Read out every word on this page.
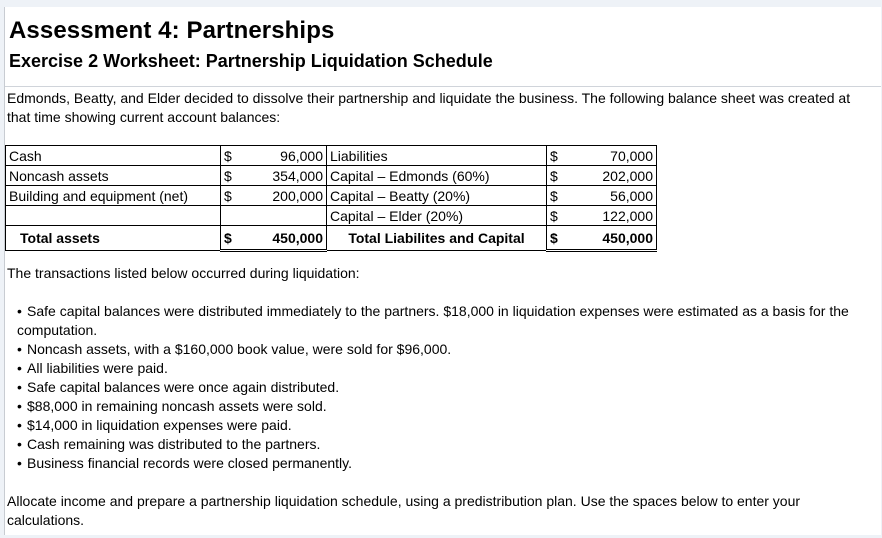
Assessment 4: Partnerships
Exercise 2 Worksheet: Partnership Liquidation Schedule

Edmonds, Beatty, and Elder decided to dissolve their partnership and liquidate the business. The following balance sheet was created at that time showing current account balances:

Cash	$	96,000	Liabilities	$	70,000
Noncash assets	$	354,000	Capital – Edmonds (60%)	$	202,000
Building and equipment (net)	$	200,000	Capital – Beatty (20%)	$	56,000
			Capital – Elder (20%)	$	122,000
Total assets	$	450,000	Total Liabilites and Capital	$	450,000

The transactions listed below occurred during liquidation:

• Safe capital balances were distributed immediately to the partners. $18,000 in liquidation expenses were estimated as a basis for the computation.
• Noncash assets, with a $160,000 book value, were sold for $96,000.
• All liabilities were paid.
• Safe capital balances were once again distributed.
• $88,000 in remaining noncash assets were sold.
• $14,000 in liquidation expenses were paid.
• Cash remaining was distributed to the partners.
• Business financial records were closed permanently.

Allocate income and prepare a partnership liquidation schedule, using a predistribution plan. Use the spaces below to enter your calculations.
